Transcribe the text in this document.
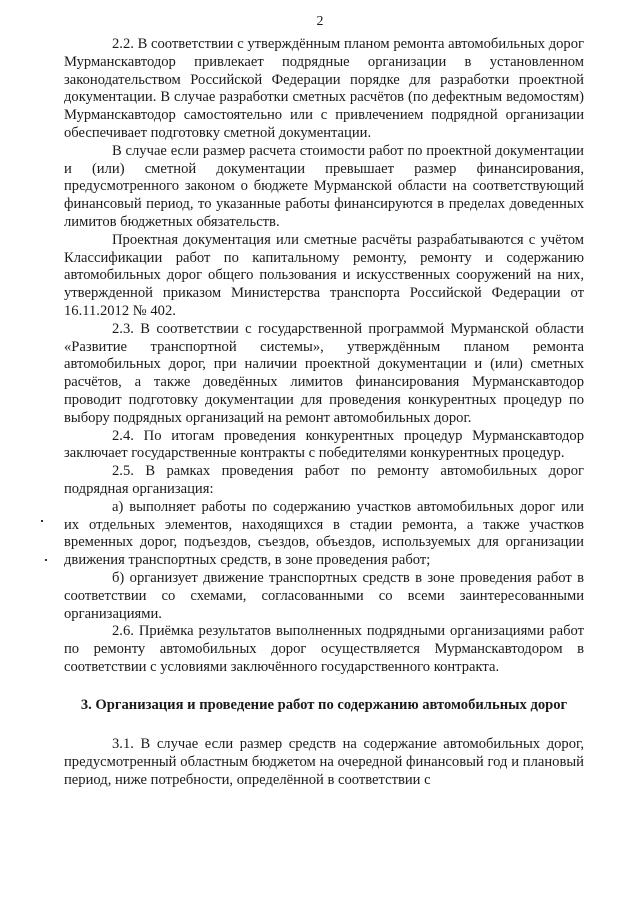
2

2.2. В соответствии с утверждённым планом ремонта автомобильных дорог Мурманскавтодор привлекает подрядные организации в установленном законодательством Российской Федерации порядке для разработки проектной документации. В случае разработки сметных расчётов (по дефектным ведомостям) Мурманскавтодор самостоятельно или с привлечением подрядной организации обеспечивает подготовку сметной документации.

В случае если размер расчета стоимости работ по проектной документации и (или) сметной документации превышает размер финансирования, предусмотренного законом о бюджете Мурманской области на соответствующий финансовый период, то указанные работы финансируются в пределах доведенных лимитов бюджетных обязательств.

Проектная документация или сметные расчёты разрабатываются с учётом Классификации работ по капитальному ремонту, ремонту и содержанию автомобильных дорог общего пользования и искусственных сооружений на них, утвержденной приказом Министерства транспорта Российской Федерации от 16.11.2012 № 402.

2.3. В соответствии с государственной программой Мурманской области «Развитие транспортной системы», утверждённым планом ремонта автомобильных дорог, при наличии проектной документации и (или) сметных расчётов, а также доведённых лимитов финансирования Мурманскавтодор проводит подготовку документации для проведения конкурентных процедур по выбору подрядных организаций на ремонт автомобильных дорог.

2.4. По итогам проведения конкурентных процедур Мурманскавтодор заключает государственные контракты с победителями конкурентных процедур.

2.5. В рамках проведения работ по ремонту автомобильных дорог подрядная организация:

а) выполняет работы по содержанию участков автомобильных дорог или их отдельных элементов, находящихся в стадии ремонта, а также участков временных дорог, подъездов, съездов, объездов, используемых для организации движения транспортных средств, в зоне проведения работ;

б) организует движение транспортных средств в зоне проведения работ в соответствии со схемами, согласованными со всеми заинтересованными организациями.

2.6. Приёмка результатов выполненных подрядными организациями работ по ремонту автомобильных дорог осуществляется Мурманскавтодором в соответствии с условиями заключённого государственного контракта.

3. Организация и проведение работ по содержанию автомобильных дорог

3.1. В случае если размер средств на содержание автомобильных дорог, предусмотренный областным бюджетом на очередной финансовый год и плановый период, ниже потребности, определённой в соответствии с
